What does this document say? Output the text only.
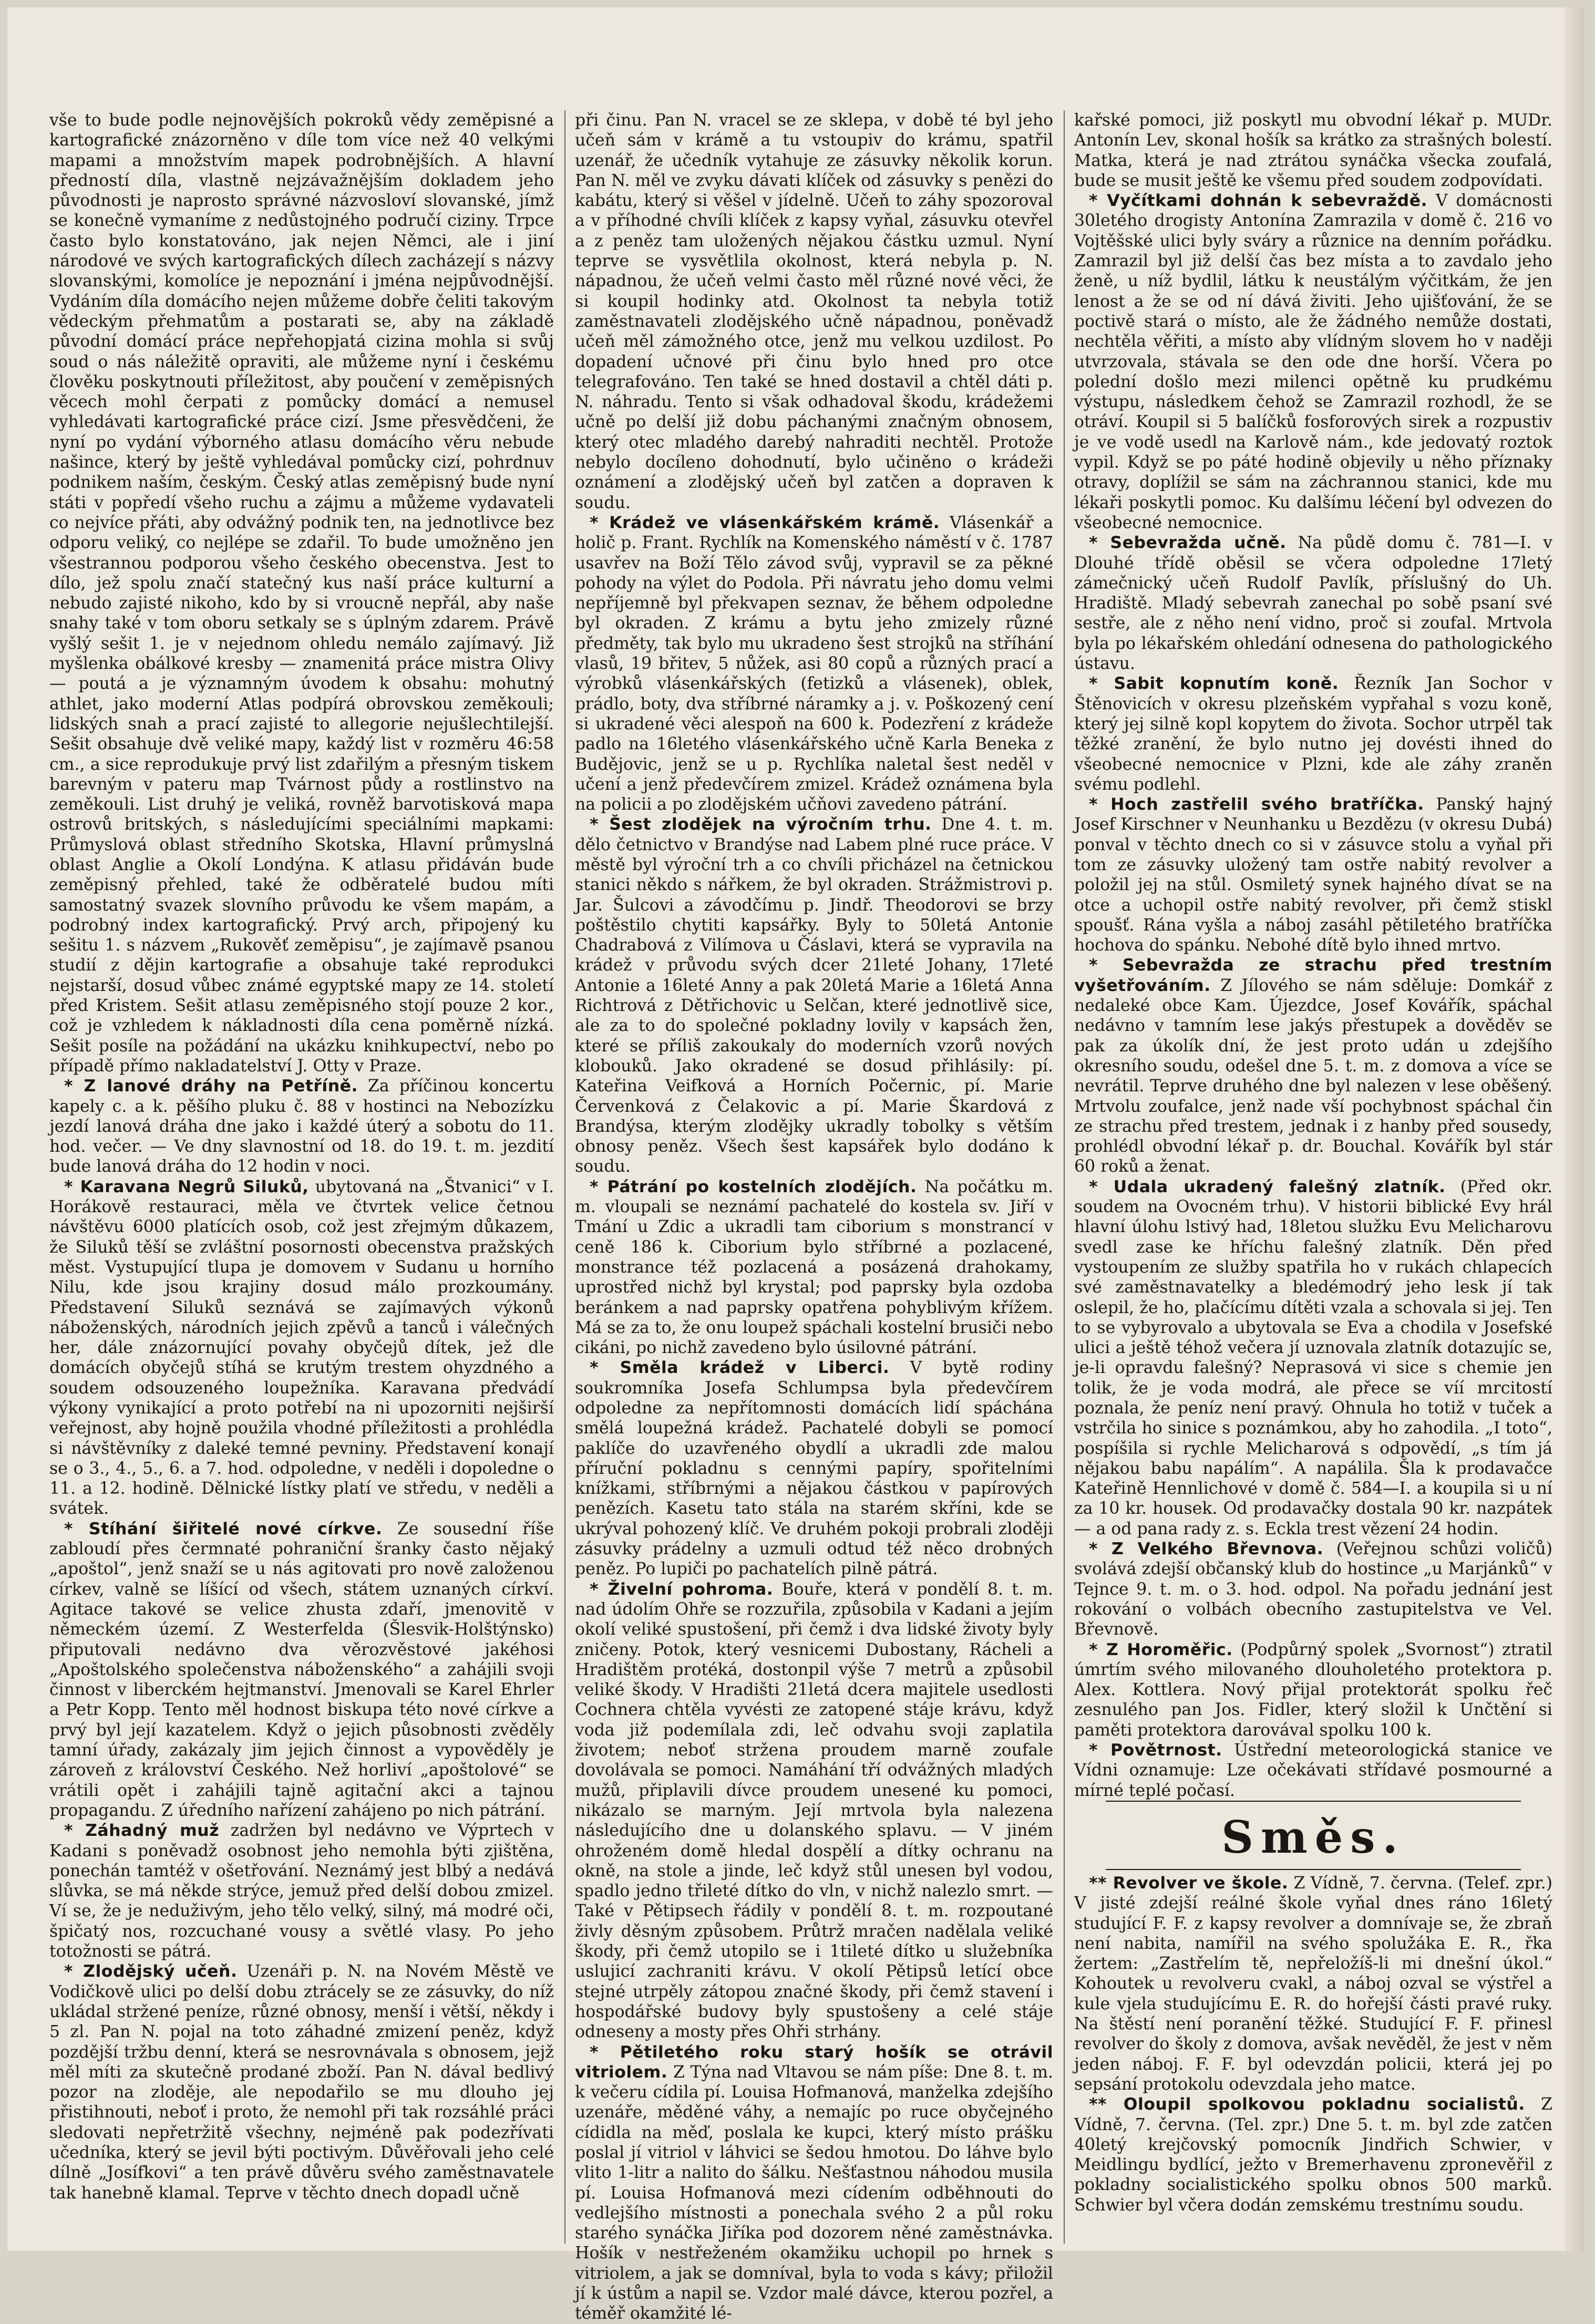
vše to bude podle nejnovějších pokroků vědy zeměpisné a kartografické znázorněno v díle tom více než 40 velkými mapami a množstvím mapek podrobnějších. A hlavní předností díla, vlastně nejzávažnějším dokladem jeho původnosti je naprosto správné názvosloví slovanské, jímž se konečně vymaníme z nedůstojného područí ciziny. Trpce často bylo konstatováno, jak nejen Němci, ale i jiní národové ve svých kartografických dílech zacházejí s názvy slovanskými, komolíce je nepoznání i jména nejpůvodnější. Vydáním díla domácího nejen můžeme dobře čeliti takovým vědeckým přehmatům a postarati se, aby na základě původní domácí práce nepřehopjatá cizina mohla si svůj soud o nás náležitě opraviti, ale můžeme nyní i českému člověku poskytnouti příležitost, aby poučení v zeměpisných věcech mohl čerpati z pomůcky domácí a nemusel vyhledávati kartografické práce cizí. Jsme přesvědčeni, že nyní po vydání výborného atlasu domácího věru nebude našince, který by ještě vyhledával pomůcky cizí, pohrdnuv podnikem naším, českým. Český atlas zeměpisný bude nyní státi v popředí všeho ruchu a zájmu a můžeme vydavateli co nejvíce přáti, aby odvážný podnik ten, na jednotlivce bez odporu veliký, co nejlépe se zdařil. To bude umožněno jen všestrannou podporou všeho českého obecenstva. Jest to dílo, jež spolu značí statečný kus naší práce kulturní a nebudo zajisté nikoho, kdo by si vroucně nepřál, aby naše snahy také v tom oboru setkaly se s úplným zdarem. Právě vyšlý sešit 1. je v nejednom ohledu nemálo zajímavý. Již myšlenka obálkové kresby — znamenitá práce mistra Olivy — poutá a je významným úvodem k obsahu: mohutný athlet, jako moderní Atlas podpírá obrovskou zeměkouli; lidských snah a prací zajisté to allegorie nejušlechtilejší. Sešit obsahuje dvě veliké mapy, každý list v rozměru 46:58 cm., a sice reprodukuje prvý list zdařilým a přesným tiskem barevným v pateru map Tvárnost půdy a rostlinstvo na zeměkouli. List druhý je veliká, rovněž barvotisková mapa ostrovů britských, s následujícími speciálními mapkami: Průmyslová oblast středního Skotska, Hlavní průmyslná oblast Anglie a Okolí Londýna. K atlasu přidáván bude zeměpisný přehled, také že odběratelé budou míti samostatný svazek slovního průvodu ke všem mapám, a podrobný index kartografický. Prvý arch, připojený ku sešitu 1. s názvem „Rukověť zeměpisu“, je zajímavě psanou studií z dějin kartografie a obsahuje také reprodukci nejstarší, dosud vůbec známé egyptské mapy ze 14. století před Kristem. Sešit atlasu zeměpisného stojí pouze 2 kor., což je vzhledem k nákladnosti díla cena poměrně nízká. Sešit posíle na požádání na ukázku knihkupectví, nebo po případě přímo nakladatelství J. Otty v Praze.

* Z lanové dráhy na Petříně. Za příčinou koncertu kapely c. a k. pěšího pluku č. 88 v hostinci na Nebozízku jezdí lanová dráha dne jako i každé úterý a sobotu do 11. hod. večer. — Ve dny slavnostní od 18. do 19. t. m. jezdití bude lanová dráha do 12 hodin v noci.

* Karavana Negrů Siluků, ubytovaná na „Štvanici“ v I. Horákově restauraci, měla ve čtvrtek velice četnou návštěvu 6000 platících osob, což jest zřejmým důkazem, že Siluků těší se zvláštní posornosti obecenstva pražských měst. Vystupující tlupa je domovem v Sudanu u horního Nilu, kde jsou krajiny dosud málo prozkoumány. Představení Siluků seznává se zajímavých výkonů náboženských, národních jejich zpěvů a tanců i válečných her, dále znázornující povahy obyčejů dítek, jež dle domácích obyčejů stíhá se krutým trestem ohyzdného a soudem odsouzeného loupežníka. Karavana předvádí výkony vynikající a proto potřebí na ni upozorniti nejširší veřejnost, aby hojně použila vhodné příležitosti a prohlédla si návštěvníky z daleké temné pevniny. Představení konají se o 3., 4., 5., 6. a 7. hod. odpoledne, v neděli i dopoledne o 11. a 12. hodině. Dělnické lístky platí ve středu, v neděli a svátek.

* Stíhání šiřitelé nové církve. Ze sousední říše zabloudí přes čermnaté pohraniční šranky často nějaký „apoštol“, jenž snaží se u nás agitovati pro nově založenou církev, valně se líšící od všech, státem uznaných církví. Agitace takové se velice zhusta zdaří, jmenovitě v německém území. Z Westerfelda (Šlesvik-Holštýnsko) připutovali nedávno dva věrozvěstové jakéhosi „Apoštolského společenstva náboženského“ a zahájili svoji činnost v liberckém hejtmanství. Jmenovali se Karel Ehrler a Petr Kopp. Tento měl hodnost biskupa této nové církve a prvý byl její kazatelem. Když o jejich působnosti zvěděly tamní úřady, zakázaly jim jejich činnost a vypověděly je zároveň z království Českého. Než horliví „apoštolové“ se vrátili opět i zahájili tajně agitační akci a tajnou propagandu. Z úředního nařízení zahájeno po nich pátrání.

* Záhadný muž zadržen byl nedávno ve Výprtech v Kadani s poněvadž osobnost jeho nemohla býti zjištěna, ponechán tamtéž v ošetřování. Neznámý jest blbý a nedává slůvka, se má někde strýce, jemuž před delší dobou zmizel. Ví se, že je neduživým, jeho tělo velký, silný, má modré oči, špičatý nos, rozcuchané vousy a světlé vlasy. Po jeho totožnosti se pátrá.

* Zlodějský učeň. Uzenáři p. N. na Novém Městě ve Vodičkově ulici po delší dobu ztrácely se ze zásuvky, do níž ukládal stržené peníze, různé obnosy, menší i větší, někdy i 5 zl. Pan N. pojal na toto záhadné zmizení peněz, když pozdější tržbu denní, která se nesrovnávala s obnosem, jejž měl míti za skutečně prodané zboží. Pan N. dával bedlivý pozor na zloděje, ale nepodařilo se mu dlouho jej přistihnouti, neboť i proto, že nemohl při tak rozsáhlé práci sledovati nepřetržitě všechny, nejméně pak podezřívati učedníka, který se jevil býti poctivým. Důvěřovali jeho celé dílně „Josífkovi“ a ten právě důvěru svého zaměstnavatele tak hanebně klamal. Teprve v těchto dnech dopadl učně

při činu. Pan N. vracel se ze sklepa, v době té byl jeho učeň sám v krámě a tu vstoupiv do krámu, spatřil uzenář, že učedník vytahuje ze zásuvky několik korun. Pan N. měl ve zvyku dávati klíček od zásuvky s penězi do kabátu, který si věšel v jídelně. Učeň to záhy spozoroval a v příhodné chvíli klíček z kapsy vyňal, zásuvku otevřel a z peněz tam uložených nějakou částku uzmul. Nyní teprve se vysvětlila okolnost, která nebyla p. N. nápadnou, že učeň velmi často měl různé nové věci, že si koupil hodinky atd. Okolnost ta nebyla totiž zaměstnavateli zlodějského učně nápadnou, poněvadž učeň měl zámožného otce, jenž mu velkou uzdilost. Po dopadení učnové při činu bylo hned pro otce telegrafováno. Ten také se hned dostavil a chtěl dáti p. N. náhradu. Tento si však odhadoval škodu, krádežemi učně po delší již dobu páchanými značným obnosem, který otec mladého darebý nahraditi nechtěl. Protože nebylo docíleno dohodnutí, bylo učiněno o krádeži oznámení a zlodějský učeň byl zatčen a dopraven k soudu.

* Krádež ve vlásenkářském krámě. Vlásenkář a holič p. Frant. Rychlík na Komenského náměstí v č. 1787 usavřev na Boží Tělo závod svůj, vypravil se za pěkné pohody na výlet do Podola. Při návratu jeho domu velmi nepříjemně byl překvapen seznav, že během odpoledne byl okraden. Z krámu a bytu jeho zmizely různé předměty, tak bylo mu ukradeno šest strojků na stříhání vlasů, 19 břitev, 5 nůžek, asi 80 copů a různých prací a výrobků vlásenkářských (fetizků a vlásenek), oblek, prádlo, boty, dva stříbrné náramky a j. v. Poškozený cení si ukradené věci alespoň na 600 k. Podezření z krádeže padlo na 16letého vlásenkářského učně Karla Beneka z Budějovic, jenž se u p. Rychlíka naletal šest neděl v učení a jenž předevčírem zmizel. Krádež oznámena byla na policii a po zlodějském učňovi zavedeno pátrání.

* Šest zlodějek na výročním trhu. Dne 4. t. m. dělo četnictvo v Brandýse nad Labem plné ruce práce. V městě byl výroční trh a co chvíli přicházel na četnickou stanici někdo s nářkem, že byl okraden. Strážmistrovi p. Jar. Šulcovi a závodčímu p. Jindř. Theodorovi se brzy poštěstilo chytiti kapsářky. Byly to 50letá Antonie Chadrabová z Vilímova u Čáslavi, která se vypravila na krádež v průvodu svých dcer 21leté Johany, 17leté Antonie a 16leté Anny a pak 20letá Marie a 16letá Anna Richtrová z Dětřichovic u Selčan, které jednotlivě sice, ale za to do společné pokladny lovily v kapsách žen, které se příliš zakoukaly do moderních vzorů nových klobouků. Jako okradené se dosud přihlásily: pí. Kateřina Veifková a Horních Počernic, pí. Marie Červenková z Čelakovic a pí. Marie Škardová z Brandýsa, kterým zlodějky ukradly tobolky s větším obnosy peněz. Všech šest kapsářek bylo dodáno k soudu.

* Pátrání po kostelních zlodějích. Na počátku m. m. vloupali se neznámí pachatelé do kostela sv. Jiří v Tmání u Zdic a ukradli tam ciborium s monstrancí v ceně 186 k. Ciborium bylo stříbrné a pozlacené, monstrance též pozlacená a posázená drahokamy, uprostřed nichž byl krystal; pod paprsky byla ozdoba beránkem a nad paprsky opatřena pohyblivým křížem. Má se za to, že onu loupež spáchali kostelní brusiči nebo cikáni, po nichž zavedeno bylo úsilovné pátrání.

* Směla krádež v Liberci. V bytě rodiny soukromníka Josefa Schlumpsa byla předevčírem odpoledne za nepřítomnosti domácích lidí spáchána smělá loupežná krádež. Pachatelé dobyli se pomocí paklíče do uzavřeného obydlí a ukradli zde malou příruční pokladnu s cennými papíry, spořitelními knížkami, stříbrnými a nějakou částkou v papírových penězích. Kasetu tato stála na starém skříni, kde se ukrýval pohozený klíč. Ve druhém pokoji probrali zloději zásuvky prádelny a uzmuli odtud též něco drobných peněz. Po lupiči po pachatelích pilně pátrá.

* Živelní pohroma. Bouře, která v pondělí 8. t. m. nad údolím Ohře se rozzuřila, způsobila v Kadani a jejím okolí veliké spustošení, při čemž i dva lidské životy byly zničeny. Potok, který vesnicemi Dubostany, Rácheli a Hradištěm protéká, dostonpil výše 7 metrů a způsobil veliké škody. V Hradišti 21letá dcera majitele usedlosti Cochnera chtěla vyvésti ze zatopené stáje krávu, když voda již podemílala zdi, leč odvahu svoji zaplatila životem; neboť stržena proudem marně zoufale dovolávala se pomoci. Namáhání tří odvážných mladých mužů, připlavili dívce proudem unesené ku pomoci, nikázalo se marným. Její mrtvola byla nalezena následujícího dne u dolanského splavu. — V jiném ohroženém domě hledal dospělí a dítky ochranu na okně, na stole a jinde, leč když stůl unesen byl vodou, spadlo jedno třileté dítko do vln, v nichž nalezlo smrt. — Také v Pětipsech řádily v pondělí 8. t. m. rozpoutané živly děsným způsobem. Průtrž mračen nadělala veliké škody, při čemž utopilo se i 1tileté dítko u služebníka uslujicí zachraniti krávu. V okolí Pětipsů letící obce stejné utrpěly zátopou značné škody, při čemž stavení i hospodářské budovy byly spustošeny a celé stáje odneseny a mosty přes Ohři strhány.

* Pětiletého roku starý hošík se otrávil vitriolem. Z Týna nad Vltavou se nám píše: Dne 8. t. m. k večeru cídila pí. Louisa Hofmanová, manželka zdejšího uzenáře, měděné váhy, a nemajíc po ruce obyčejného cídidla na měď, poslala ke kupci, který místo prášku poslal jí vitriol v láhvici se šedou hmotou. Do láhve bylo vlito 1-litr a nalito do šálku. Nešťastnou náhodou musila pí. Louisa Hofmanová mezi cídením odběhnouti do vedlejšího místnosti a ponechala svého 2 a půl roku starého synáčka Jiříka pod dozorem něné zaměstnávka. Hošík v nestřeženém okamžiku uchopil po hrnek s vitriolem, a jak se domníval, byla to voda s kávy; přiložil jí k ústům a napil se. Vzdor malé dávce, kterou pozřel, a téměř okamžité lé-

kařské pomoci, již poskytl mu obvodní lékař p. MUDr. Antonín Lev, skonal hošík sa krátko za strašných bolestí. Matka, která je nad ztrátou synáčka všecka zoufalá, bude se musit ještě ke všemu před soudem zodpovídati.

* Vyčítkami dohnán k sebevraždě. V domácnosti 30letého drogisty Antonína Zamrazila v domě č. 216 vo Vojtěšské ulici byly sváry a různice na denním pořádku. Zamrazil byl již delší čas bez místa a to zavdalo jeho ženě, u níž bydlil, látku k neustálým výčitkám, že jen lenost a že se od ní dává živiti. Jeho ujišťování, že se poctivě stará o místo, ale že žádného nemůže dostati, nechtěla věřiti, a místo aby vlídným slovem ho v naději utvrzovala, stávala se den ode dne horší. Včera po polední došlo mezi milenci opětně ku prudkému výstupu, následkem čehož se Zamrazil rozhodl, že se otráví. Koupil si 5 balíčků fosforových sirek a rozpustiv je ve vodě usedl na Karlově nám., kde jedovatý roztok vypil. Když se po páté hodině objevily u něho příznaky otravy, doplížil se sám na záchrannou stanici, kde mu lékaři poskytli pomoc. Ku dalšímu léčení byl odvezen do všeobecné nemocnice.

* Sebevražda učně. Na půdě domu č. 781—I. v Dlouhé třídě oběsil se včera odpoledne 17letý zámečnický učeň Rudolf Pavlík, příslušný do Uh. Hradiště. Mladý sebevrah zanechal po sobě psaní své sestře, ale z něho není vidno, proč si zoufal. Mrtvola byla po lékařském ohledání odnesena do pathologického ústavu.

* Sabit kopnutím koně. Řezník Jan Sochor v Štěnovicích v okresu plzeňském vypřahal s vozu koně, který jej silně kopl kopytem do života. Sochor utrpěl tak těžké zranění, že bylo nutno jej dovésti ihned do všeobecné nemocnice v Plzni, kde ale záhy zraněn svému podlehl.

* Hoch zastřelil svého bratříčka. Panský hajný Josef Kirschner v Neunhanku u Bezdězu (v okresu Dubá) ponval v těchto dnech co si v zásuvce stolu a vyňal při tom ze zásuvky uložený tam ostře nabitý revolver a položil jej na stůl. Osmiletý synek hajného dívat se na otce a uchopil ostře nabitý revolver, při čemž stiskl spoušť. Rána vyšla a náboj zasáhl pětiletého bratříčka hochova do spánku. Nebohé dítě bylo ihned mrtvo.

* Sebevražda ze strachu před trestním vyšetřováním. Z Jílového se nám sděluje: Domkář z nedaleké obce Kam. Újezdce, Josef Kovářík, spáchal nedávno v tamním lese jakýs přestupek a dověděv se pak za úkolík dní, že jest proto udán u zdejšího okresního soudu, odešel dne 5. t. m. z domova a více se nevrátil. Teprve druhého dne byl nalezen v lese oběšený. Mrtvolu zoufalce, jenž nade vší pochybnost spáchal čin ze strachu před trestem, jednak i z hanby před sousedy, prohlédl obvodní lékař p. dr. Bouchal. Kovářík byl stár 60 roků a ženat.

* Udala ukradený falešný zlatník. (Před okr. soudem na Ovocném trhu). V historii biblické Evy hrál hlavní úlohu lstivý had, 18letou služku Evu Melicharovu svedl zase ke hříchu falešný zlatník. Děn před vystoupením ze služby spatřila ho v rukách chlapecích své zaměstnavatelky a bledémodrý jeho lesk jí tak oslepil, že ho, plačícímu dítěti vzala a schovala si jej. Ten to se vybyrovalo a ubytovala se Eva a chodila v Josefské ulici a ještě téhož večera jí uznovala zlatník dotazujíc se, je-li opravdu falešný? Neprasová vi sice s chemie jen tolik, že je voda modrá, ale přece se víí mrcitostí poznala, že peníz není pravý. Ohnula ho totiž v tuček a vstrčila ho sinice s poznámkou, aby ho zahodila. „I toto“, pospíšila si rychle Melicharová s odpovědí, „s tím já nějakou babu napálím“. A napálila. Šla k prodavačce Kateřině Hennlichové v domě č. 584—I. a koupila si u ní za 10 kr. housek. Od prodavačky dostala 90 kr. nazpátek — a od pana rady z. s. Eckla trest vězení 24 hodin.

* Z Velkého Břevnova. (Veřejnou schůzi voličů) svolává zdejší občanský klub do hostince „u Marjánků“ v Tejnce 9. t. m. o 3. hod. odpol. Na pořadu jednání jest rokování o volbách obecního zastupitelstva ve Vel. Břevnově.

* Z Horoměřic. (Podpůrný spolek „Svornost“) ztratil úmrtím svého milovaného dlouholetého protektora p. Alex. Kottlera. Nový přijal protektorát spolku řeč zesnulého pan Jos. Fidler, který složil k Unčtění si paměti protektora darovával spolku 100 k.

* Povětrnost. Ústřední meteorologická stanice ve Vídni oznamuje: Lze očekávati střídavé posmourné a mírné teplé počasí.

Směs.

** Revolver ve škole. Z Vídně, 7. června. (Telef. zpr.) V jisté zdejší reálné škole vyňal dnes ráno 16letý studující F. F. z kapsy revolver a domnívaje se, že zbraň není nabita, namířil na svého spolužáka E. R., řka žertem: „Zastřelím tě, nepřeložíš-li mi dnešní úkol.“ Kohoutek u revolveru cvakl, a náboj ozval se výstřel a kule vjela studujícímu E. R. do hořejší části pravé ruky. Na štěstí není poranění těžké. Studující F. F. přinesl revolver do školy z domova, avšak nevěděl, že jest v něm jeden náboj. F. F. byl odevzdán policii, která jej po sepsání protokolu odevzdala jeho matce.

** Oloupil spolkovou pokladnu socialistů. Z Vídně, 7. června. (Tel. zpr.) Dne 5. t. m. byl zde zatčen 40letý krejčovský pomocník Jindřich Schwier, v Meidlingu bydlící, ježto v Bremerhavenu zpronevěřil z pokladny socialistického spolku obnos 500 marků. Schwier byl včera dodán zemskému trestnímu soudu.
